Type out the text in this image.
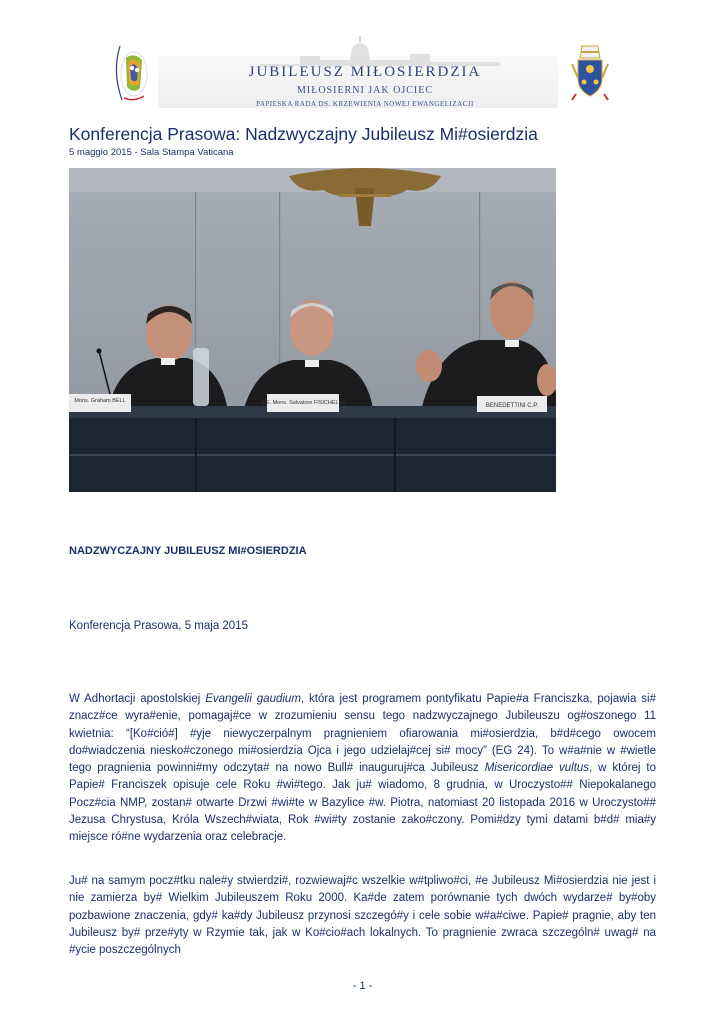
JUBILEUSZ MIŁOSIERDZIA
MIŁOSIERNI JAK OJCIEC
PAPIESKA RADA DS. KRZEWIENIA NOWEJ EWANGELIZACJI
Konferencja Prasowa: Nadzwyczajny Jubileusz Mi#osierdzia
5 maggio 2015 - Sala Stampa Vaticana
Mons. Graham BELL	S.E. Mons. Salvatore FISICHELLA	BENEDETTINI C.P.
NADZWYCZAJNY JUBILEUSZ MI#OSIERDZIA
Konferencja Prasowa, 5 maja 2015

W Adhortacji apostolskiej Evangelii gaudium, która jest programem pontyfikatu Papie#a Franciszka, pojawia si# znacz#ce wyra#enie, pomagaj#ce w zrozumieniu sensu tego nadzwyczajnego Jubileuszu og#oszonego 11 kwietnia: “[Ko#ció#] #yje niewyczerpalnym pragnieniem ofiarowania mi#osierdzia, b#d#cego owocem do#wiadczenia niesko#czonego mi#osierdzia Ojca i jego udzielaj#cej si# mocy” (EG 24). To w#a#nie w #wietle tego pragnienia powinni#my odczyta# na nowo Bull# inauguruj#ca Jubileusz Misericordiae vultus, w której to Papie# Franciszek opisuje cele Roku #wi#tego. Jak ju# wiadomo, 8 grudnia, w Uroczysto## Niepokalanego Pocz#cia NMP, zostan# otwarte Drzwi #wi#te w Bazylice #w. Piotra, natomiast 20 listopada 2016 w Uroczysto## Jezusa Chrystusa, Króla Wszech#wiata, Rok #wi#ty zostanie zako#czony. Pomi#dzy tymi datami b#d# mia#y miejsce ró#ne wydarzenia oraz celebracje.

Ju# na samym pocz#tku nale#y stwierdzi#, rozwiewaj#c wszelkie w#tpliwo#ci, #e Jubileusz Mi#osierdzia nie jest i nie zamierza by# Wielkim Jubileuszem Roku 2000. Ka#de zatem porównanie tych dwóch wydarze# by#oby pozbawione znaczenia, gdy# ka#dy Jubileusz przynosi szczegó#y i cele sobie w#a#ciwe. Papie# pragnie, aby ten Jubileusz by# prze#yty w Rzymie tak, jak w Ko#cio#ach lokalnych. To pragnienie zwraca szczególn# uwag# na #ycie poszczególnych

- 1 -
